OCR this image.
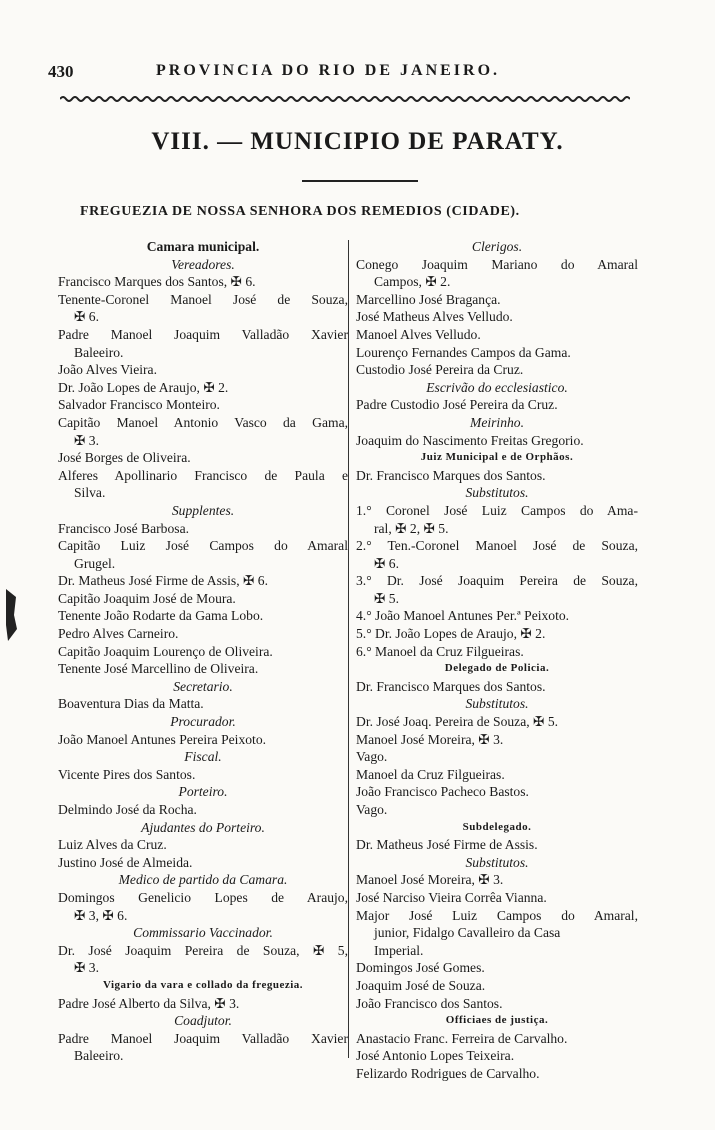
430	PROVINCIA DO RIO DE JANEIRO.
VIII. — MUNICIPIO DE PARATY.
FREGUEZIA DE NOSSA SENHORA DOS REMEDIOS (CIDADE).
Camara municipal.
Vereadores.
Francisco Marques dos Santos, ✠ 6.
Tenente-Coronel Manoel José de Souza,
✠ 6.
Padre Manoel Joaquim Valladão Xavier
Baleeiro.
João Alves Vieira.
Dr. João Lopes de Araujo, ✠ 2.
Salvador Francisco Monteiro.
Capitão Manoel Antonio Vasco da Gama,
✠ 3.
José Borges de Oliveira.
Alferes Apollinario Francisco de Paula e
Silva.
Supplentes.
Francisco José Barbosa.
Capitão Luiz José Campos do Amaral
Grugel.
Dr. Matheus José Firme de Assis, ✠ 6.
Capitão Joaquim José de Moura.
Tenente João Rodarte da Gama Lobo.
Pedro Alves Carneiro.
Capitão Joaquim Lourenço de Oliveira.
Tenente José Marcellino de Oliveira.
Secretario.
Boaventura Dias da Matta.
Procurador.
João Manoel Antunes Pereira Peixoto.
Fiscal.
Vicente Pires dos Santos.
Porteiro.
Delmindo José da Rocha.
Ajudantes do Porteiro.
Luiz Alves da Cruz.
Justino José de Almeida.
Medico de partido da Camara.
Domingos Genelicio Lopes de Araujo,
✠ 3, ✠ 6.
Commissario Vaccinador.
Dr. José Joaquim Pereira de Souza, ✠ 5,
✠ 3.
Vigario da vara e collado da freguezia.
Padre José Alberto da Silva, ✠ 3.
Coadjutor.
Padre Manoel Joaquim Valladão Xavier
Baleeiro.
Clerigos.
Conego Joaquim Mariano do Amaral
Campos, ✠ 2.
Marcellino José Bragança.
José Matheus Alves Velludo.
Manoel Alves Velludo.
Lourenço Fernandes Campos da Gama.
Custodio José Pereira da Cruz.
Escrivão do ecclesiastico.
Padre Custodio José Pereira da Cruz.
Meirinho.
Joaquim do Nascimento Freitas Gregorio.
Juiz Municipal e de Orphãos.
Dr. Francisco Marques dos Santos.
Substitutos.
1.° Coronel José Luiz Campos do Ama-
ral, ✠ 2, ✠ 5.
2.° Ten.-Coronel Manoel José de Souza,
✠ 6.
3.° Dr. José Joaquim Pereira de Souza,
✠ 5.
4.° João Manoel Antunes Per.ª Peixoto.
5.° Dr. João Lopes de Araujo, ✠ 2.
6.° Manoel da Cruz Filgueiras.
Delegado de Policia.
Dr. Francisco Marques dos Santos.
Substitutos.
Dr. José Joaq. Pereira de Souza, ✠ 5.
Manoel José Moreira, ✠ 3.
Vago.
Manoel da Cruz Filgueiras.
João Francisco Pacheco Bastos.
Vago.
Subdelegado.
Dr. Matheus José Firme de Assis.
Substitutos.
Manoel José Moreira, ✠ 3.
José Narciso Vieira Corrêa Vianna.
Major José Luiz Campos do Amaral,
junior, Fidalgo Cavalleiro da Casa
Imperial.
Domingos José Gomes.
Joaquim José de Souza.
João Francisco dos Santos.
Officiaes de justiça.
Anastacio Franc. Ferreira de Carvalho.
José Antonio Lopes Teixeira.
Felizardo Rodrigues de Carvalho.
